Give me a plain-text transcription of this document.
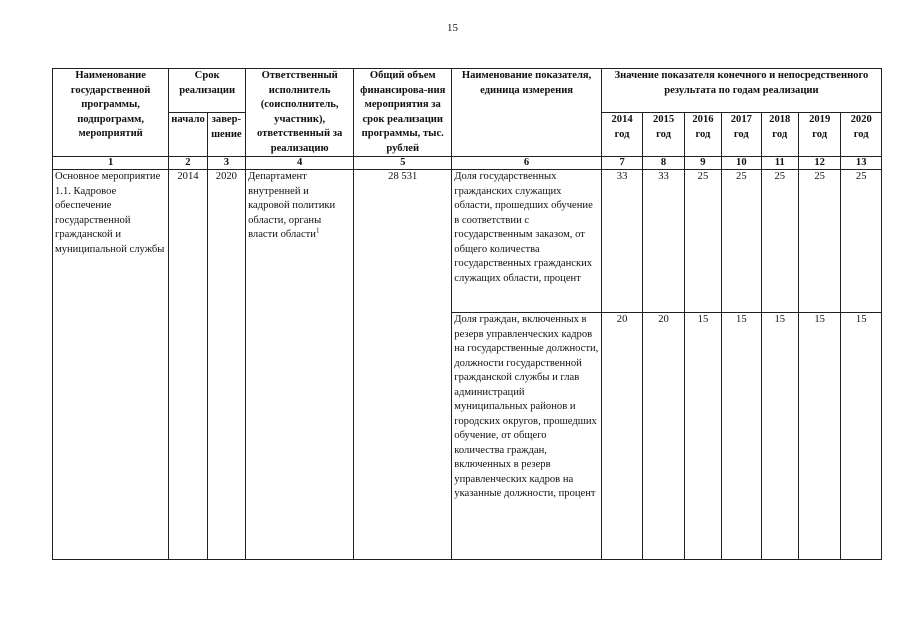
15
Наименование государственной программы, подпрограмм, мероприятий	Срок реализации		Ответственный исполнитель (соисполнитель, участник), ответственный за реализацию	Общий объем финансирова-ния мероприятия за срок реализации программы, тыс. рублей	Наименование показателя, единица измерения	Значение показателя конечного и непосредственного результата по годам реализации						
	начало	завер-шение				2014 год	2015 год	2016 год	2017 год	2018 год	2019 год	2020 год
1	2	3	4	5	6	7	8	9	10	11	12	13
Основное мероприятие 1.1. Кадровое обеспечение государственной гражданской и муниципальной службы	2014	2020	Департамент внутренней и кадровой политики области, органы власти области$^1$	28 531	Доля государственных гражданских служащих области, прошедших обучение в соответствии с государственным заказом, от общего количества государственных гражданских служащих области, процент	33	33	25	25	25	25	25
					Доля граждан, включенных в резерв управленческих кадров на государственные должности, должности государственной гражданской службы и глав администраций муниципальных районов и городских округов, прошедших обучение, от общего количества граждан, включенных в резерв управленческих кадров на указанные должности, процент	20	20	15	15	15	15	15
